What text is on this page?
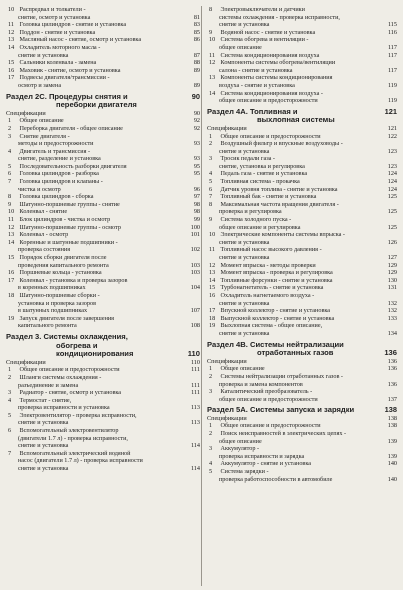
10 Распредвал и толкатели -
81
снятие, осмотр и установка
83
11 Головка цилиндров - снятие и установка
85
12 Поддон - снятие и установка
86
13 Масляный насос - снятие, осмотр и установка
14 Охладитель моторного масла -
87
снятие и установка
88
15 Сальники коленвала - замена
89
16 Маховик - снятие, осмотр и установка
17 Подвесы двигателя/трансмиссии -
89
осмотр и замена
90
Раздел 2C. Процедуры снятия и
переборки двигателя
90
Спецификации
92
1 Общее описание
92
2 Переборка двигателя - общее описание
3 Снятие двигателя -
93
методы и предосторожности
4 Двигатель и трансмиссия -
93
снятие, разделение и установка
95
5 Последовательность разборки двигателя
95
6 Головка цилиндров - разборка
7 Головка цилиндров и клапаны -
96
чистка и осмотр
97
8 Головка цилиндров - сборка
98
9 Шатунно-поршневые группы - снятие
98
10 Коленвал - снятие
99
11 Блок цилиндров - чистка и осмотр
100
12 Шатунно-поршневые группы - осмотр
101
13 Коленвал - осмотр
14 Коренные и шатунные подшипники -
102
проверка состояния
15 Порядок сборки двигателя после
103
проведения капитального ремонта
103
16 Поршневые кольца - установка
17 Коленвал - установка и проверка зазоров
104
в коренных подшипниках
18 Шатунно-поршневые сборки -
установка и проверка зазоров
107
в шатунных подшипниках
19 Запуск двигателя после завершения
108
капитального ремонта
Раздел 3. Системы охлаждения,
обогрева и
110
кондиционирования
110
Спецификации
111
1 Общее описание и предосторожности
2 Шланги системы охлаждения -
111
разъединение и замена
111
3 Радиатор - снятие, осмотр и установка
4 Термостат - снятие,
113
проверка исправности и установка
5 Электровентилятор - проверка исправности,
113
снятие и установка
6 Вспомогательный электровентилятор
(двигатели 1.7 л) - проверка исправности,
114
снятие и установка
7 Вспомогательный электрический водяной
насос (двигатели 1.7 л) - проверка исправности
114
снятие и установка
8 Электровыключатели и датчики
системы охлаждения - проверка исправности,
115
снятие и установка
116
9 Водяной насос - снятие и установка
10 Система обогрева и вентиляции -
117
общее описание
117
11 Система кондиционирования воздуха
12 Компоненты системы обогрева/вентиляции
117
салона - снятие и установка
13 Компоненты системы кондиционирования
119
воздуха - снятие и установка
14 Система кондиционирования воздуха -
119
общее описание и предосторожности
121
Раздел 4A. Топливная и
выхлопная системы
121
Спецификации
122
1 Общее описание и предосторожности
2 Воздушный фильтр и впускные воздуховоды -
123
снятие и установка
3 Тросик педали газа -
123
снятие, установка и регулировка
124
4 Педаль газа - снятие и установка
124
5 Топливная система - прокачка
124
6 Датчик уровня топлива - снятие и установка
125
7 Топливный бак - снятие и установка
8 Максимальная частота вращения двигателя -
125
проверка и регулировка
9 Система холодного пуска -
125
общее описание и регулировка
10 Электрические компоненты системы впрыска -
126
снятие и установка
11 Топливный насос высокого давления -
127
снятие и установка
129
12 Момент впрыска - методы проверки
129
13 Момент впрыска - проверка и регулировка
130
14 Топливные форсунки - снятие и установка
131
15 Турбонагнетатель - снятие и установка
16 Охладитель нагнетаемого воздуха -
132
снятие и установка
132
17 Впускной коллектор - снятие и установка
133
18 Выпускной коллектор - снятие и установка
19 Выхлопная система - общее описание,
134
снятие и установка
Раздел 4B. Системы нейтрализации
136
отработанных газов
136
Спецификации
136
1 Общее описание
2 Системы нейтрализации отработанных газов -
136
проверка и замена компонентов
3 Каталитический преобразователь -
137
общее описание и предосторожности
138
Раздел 5A. Системы запуска и зарядки
138
Спецификации
138
1 Общее описание и предосторожности
2 Поиск неисправностей в электрических цепях -
139
общее описание
3 Аккумулятор -
139
проверка исправности и зарядка
140
4 Аккумулятор - снятие и установка
5 Система зарядки -
140
проверка работоспособности в автомобиле
